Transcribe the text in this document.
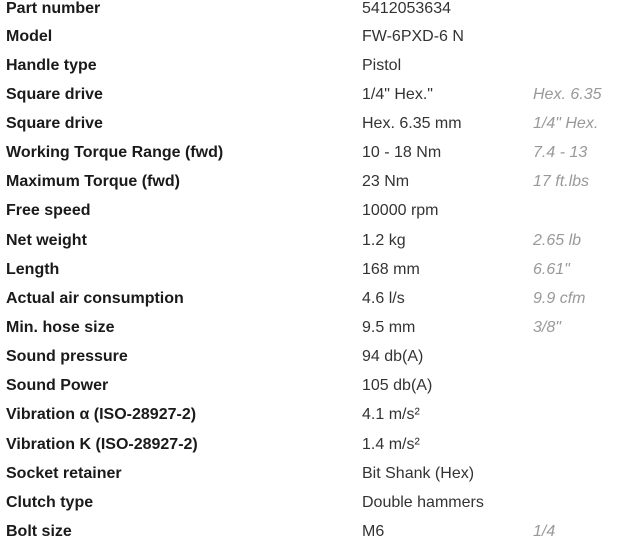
Part number	5412053634	
Model	FW-6PXD-6 N	
Handle type	Pistol	
Square drive	1/4" Hex."	Hex. 6.35
Square drive	Hex. 6.35 mm	1/4" Hex.
Working Torque Range (fwd)	10 - 18 Nm	7.4 - 13
Maximum Torque (fwd)	23 Nm	17 ft.lbs
Free speed	10000 rpm	
Net weight	1.2 kg	2.65 lb
Length	168 mm	6.61"
Actual air consumption	4.6 l/s	9.9 cfm
Min. hose size	9.5 mm	3/8"
Sound pressure	94 db(A)	
Sound Power	105 db(A)	
Vibration α (ISO-28927-2)	4.1 m/s²	
Vibration K (ISO-28927-2)	1.4 m/s²	
Socket retainer	Bit Shank (Hex)	
Clutch type	Double hammers	
Bolt size	M6	1/4
